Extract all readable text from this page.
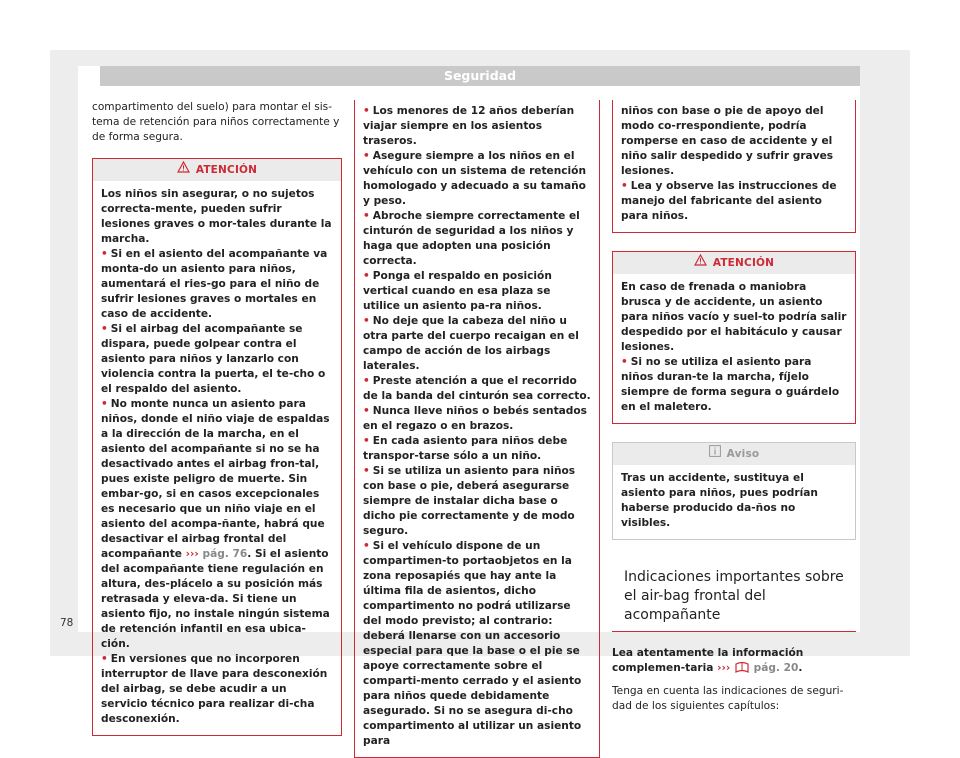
Seguridad

compartimento del suelo) para montar el sis-tema de retención para niños correctamente y de forma segura.

ATENCIÓN

Los niños sin asegurar, o no sujetos correcta-mente, pueden sufrir lesiones graves o mor-tales durante la marcha.

• Si en el asiento del acompañante va monta-do un asiento para niños, aumentará el ries-go para el niño de sufrir lesiones graves o mortales en caso de accidente.

• Si el airbag del acompañante se dispara, puede golpear contra el asiento para niños y lanzarlo con violencia contra la puerta, el te-cho o el respaldo del asiento.

• No monte nunca un asiento para niños, donde el niño viaje de espaldas a la dirección de la marcha, en el asiento del acompañante si no se ha desactivado antes el airbag fron-tal, pues existe peligro de muerte. Sin embar-go, si en casos excepcionales es necesario que un niño viaje en el asiento del acompa-ñante, habrá que desactivar el airbag frontal del acompañante ››› pág. 76. Si el asiento del acompañante tiene regulación en altura, des-plácelo a su posición más retrasada y eleva-da. Si tiene un asiento fijo, no instale ningún sistema de retención infantil en esa ubica-ción.

• En versiones que no incorporen interruptor de llave para desconexión del airbag, se debe acudir a un servicio técnico para realizar di-cha desconexión.

• Los menores de 12 años deberían viajar siempre en los asientos traseros.

• Asegure siempre a los niños en el vehículo con un sistema de retención homologado y adecuado a su tamaño y peso.

• Abroche siempre correctamente el cinturón de seguridad a los niños y haga que adopten una posición correcta.

• Ponga el respaldo en posición vertical cuando en esa plaza se utilice un asiento pa-ra niños.

• No deje que la cabeza del niño u otra parte del cuerpo recaigan en el campo de acción de los airbags laterales.

• Preste atención a que el recorrido de la banda del cinturón sea correcto.

• Nunca lleve niños o bebés sentados en el regazo o en brazos.

• En cada asiento para niños debe transpor-tarse sólo a un niño.

• Si se utiliza un asiento para niños con base o pie, deberá asegurarse siempre de instalar dicha base o dicho pie correctamente y de modo seguro.

• Si el vehículo dispone de un compartimen-to portaobjetos en la zona reposapiés que hay ante la última fila de asientos, dicho compartimento no podrá utilizarse del modo previsto; al contrario: deberá llenarse con un accesorio especial para que la base o el pie se apoye correctamente sobre el comparti-mento cerrado y el asiento para niños quede debidamente asegurado. Si no se asegura di-cho compartimento al utilizar un asiento para

niños con base o pie de apoyo del modo co-rrespondiente, podría romperse en caso de accidente y el niño salir despedido y sufrir graves lesiones.

• Lea y observe las instrucciones de manejo del fabricante del asiento para niños.

ATENCIÓN

En caso de frenada o maniobra brusca y de accidente, un asiento para niños vacío y suel-to podría salir despedido por el habitáculo y causar lesiones.

• Si no se utiliza el asiento para niños duran-te la marcha, fíjelo siempre de forma segura o guárdelo en el maletero.

Aviso

Tras un accidente, sustituya el asiento para niños, pues podrían haberse producido da-ños no visibles.

Indicaciones importantes sobre el air-bag frontal del acompañante

Lea atentamente la información complemen-taria ››› pág. 20.

Tenga en cuenta las indicaciones de seguri-dad de los siguientes capítulos:

78
